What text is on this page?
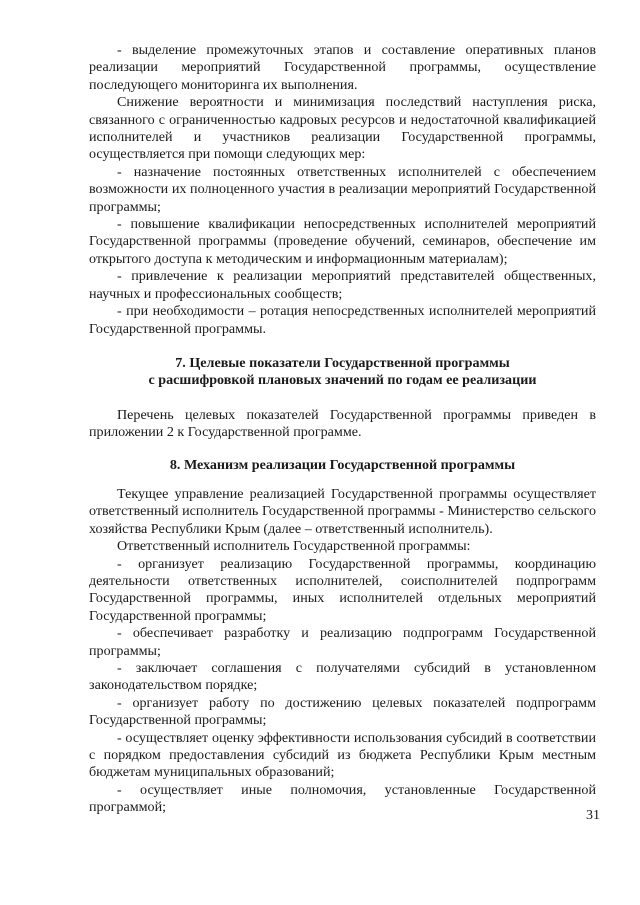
- выделение промежуточных этапов и составление оперативных планов реализации мероприятий Государственной программы, осуществление последующего мониторинга их выполнения.

Снижение вероятности и минимизация последствий наступления риска, связанного с ограниченностью кадровых ресурсов и недостаточной квалификацией исполнителей и участников реализации Государственной программы, осуществляется при помощи следующих мер:

- назначение постоянных ответственных исполнителей с обеспечением возможности их полноценного участия в реализации мероприятий Государственной программы;

- повышение квалификации непосредственных исполнителей мероприятий Государственной программы (проведение обучений, семинаров, обеспечение им открытого доступа к методическим и информационным материалам);

- привлечение к реализации мероприятий представителей общественных, научных и профессиональных сообществ;

- при необходимости – ротация непосредственных исполнителей мероприятий Государственной программы.

7. Целевые показатели Государственной программы

с расшифровкой плановых значений по годам ее реализации

Перечень целевых показателей Государственной программы приведен в приложении 2 к Государственной программе.

8. Механизм реализации Государственной программы

Текущее управление реализацией Государственной программы осуществляет ответственный исполнитель Государственной программы - Министерство сельского хозяйства Республики Крым (далее – ответственный исполнитель).

Ответственный исполнитель Государственной программы:

- организует реализацию Государственной программы, координацию деятельности ответственных исполнителей, соисполнителей подпрограмм Государственной программы, иных исполнителей отдельных мероприятий Государственной программы;

- обеспечивает разработку и реализацию подпрограмм Государственной программы;

- заключает соглашения с получателями субсидий в установленном законодательством порядке;

- организует работу по достижению целевых показателей подпрограмм Государственной программы;

- осуществляет оценку эффективности использования субсидий в соответствии с порядком предоставления субсидий из бюджета Республики Крым местным бюджетам муниципальных образований;

- осуществляет иные полномочия, установленные Государственной программой;

31
